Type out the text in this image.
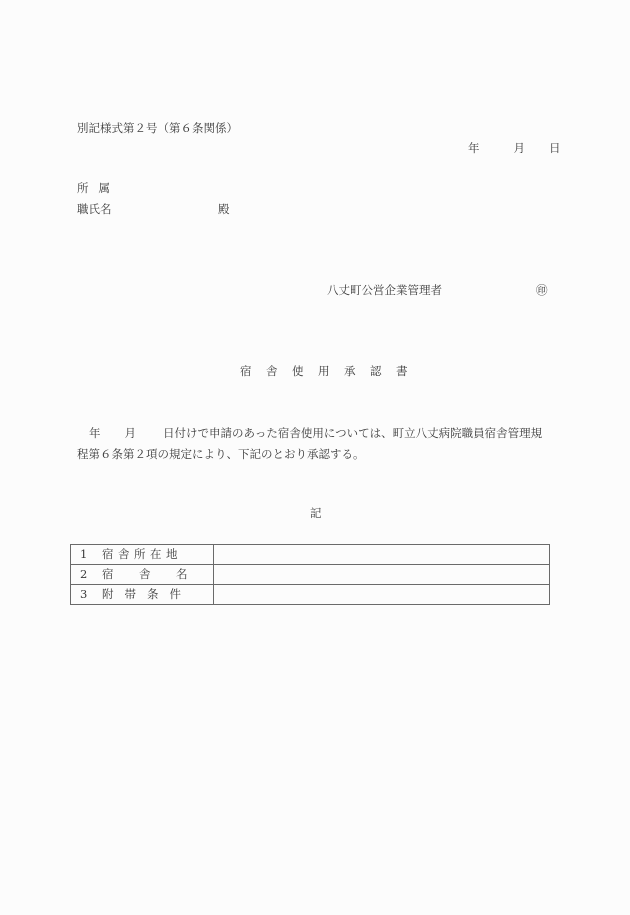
別記様式第２号（第６条関係）
年	月 日
所属
職氏名	殿
八丈町公営企業管理者	㊞
宿舎使用承認書
年 月 日付けで申請のあった宿舎使用については、町立八丈病院職員宿舎管理規
程第６条第２項の規定により、下記のとおり承認する。
記
1 宿舎所在地	
2 宿 舎 名	
3 附帯条件	
